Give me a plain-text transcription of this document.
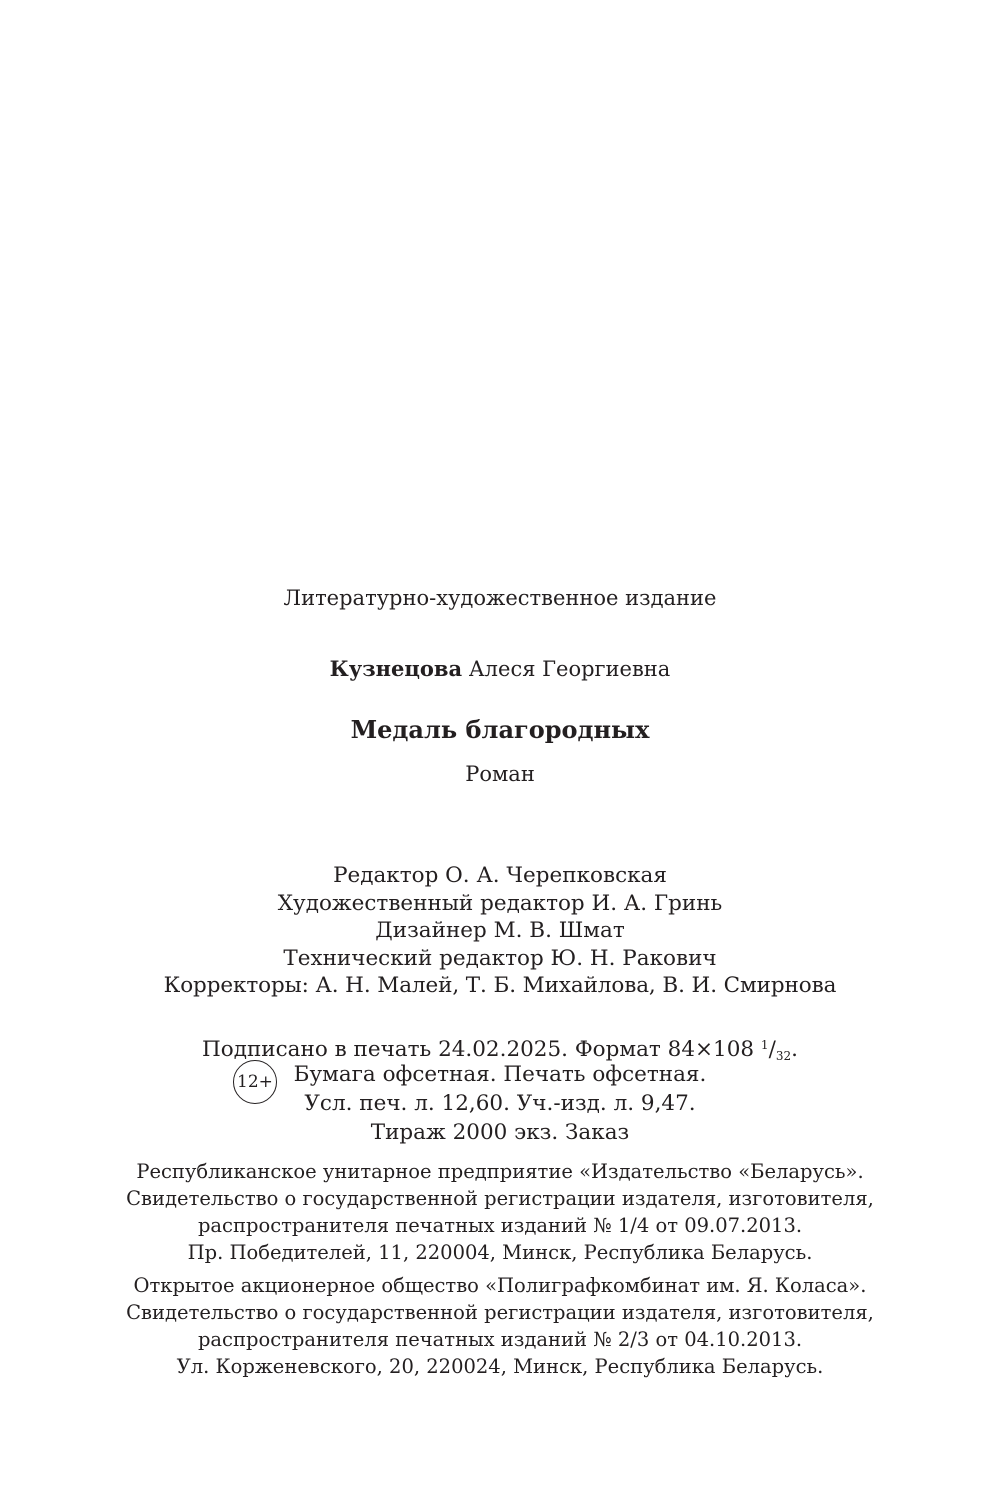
Литературно-художественное издание
Кузнецова Алеся Георгиевна
Медаль благородных
Роман
Редактор О. А. Черепковская
Художественный редактор И. А. Гринь
Дизайнер М. В. Шмат
Технический редактор Ю. Н. Ракович
Корректоры: А. Н. Малей, Т. Б. Михайлова, В. И. Смирнова
Подписано в печать 24.02.2025. Формат 84×108 $^1/_{32}$.
Бумага офсетная. Печать офсетная.
Усл. печ. л. 12,60. Уч.-изд. л. 9,47.
Тираж 2000 экз. Заказ
12+
Республиканское унитарное предприятие «Издательство «Беларусь».
Свидетельство о государственной регистрации издателя, изготовителя,
распространителя печатных изданий № 1/4 от 09.07.2013.
Пр. Победителей, 11, 220004, Минск, Республика Беларусь.
Открытое акционерное общество «Полиграфкомбинат им. Я. Коласа».
Свидетельство о государственной регистрации издателя, изготовителя,
распространителя печатных изданий № 2/3 от 04.10.2013.
Ул. Корженевского, 20, 220024, Минск, Республика Беларусь.
